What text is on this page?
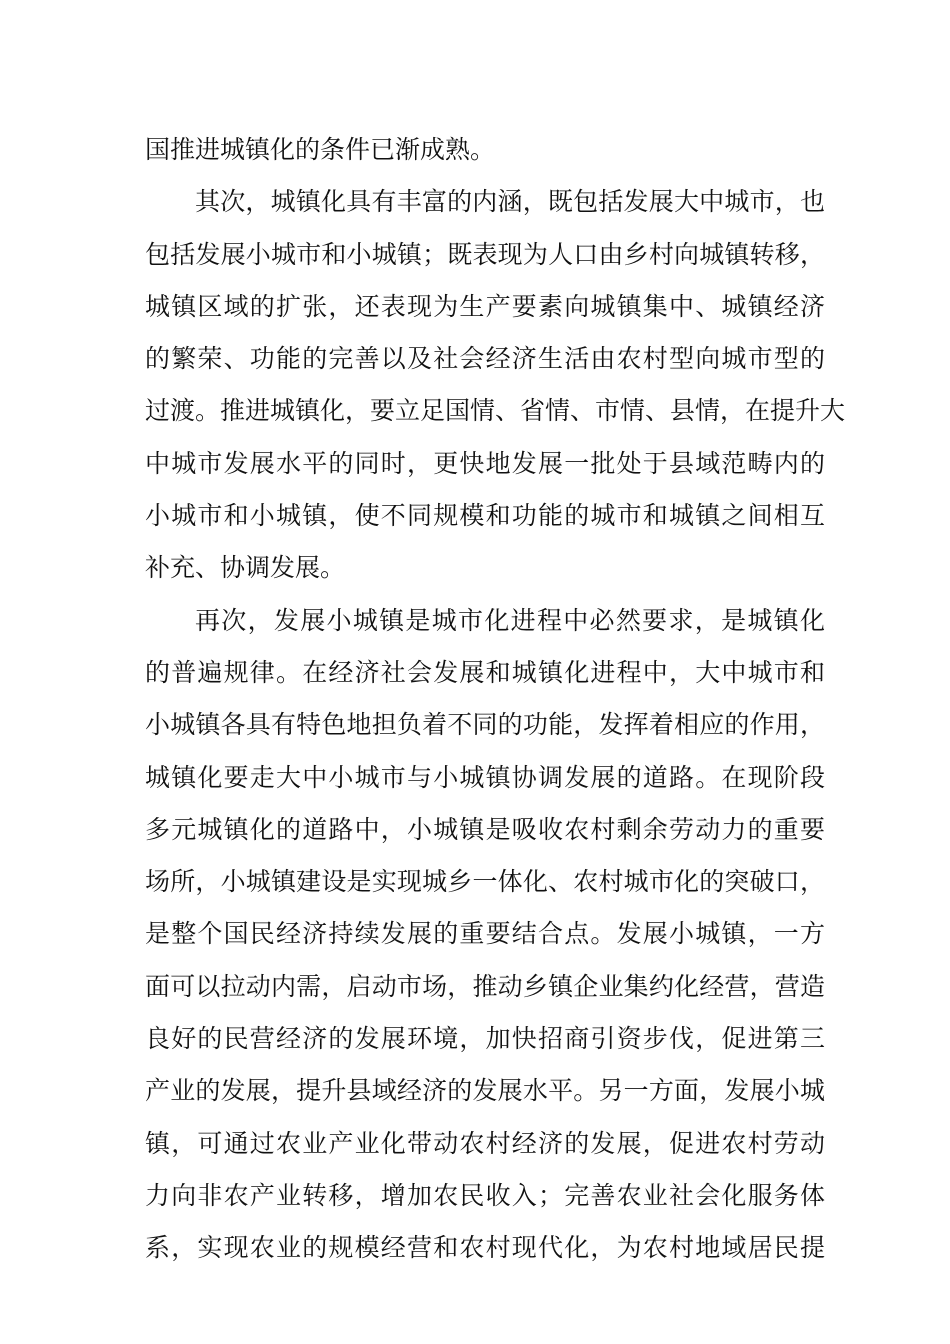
国推进城镇化的条件已渐成熟。
其次，城镇化具有丰富的内涵，既包括发展大中城市，也
包括发展小城市和小城镇；既表现为人口由乡村向城镇转移，
城镇区域的扩张，还表现为生产要素向城镇集中、城镇经济
的繁荣、功能的完善以及社会经济生活由农村型向城市型的
过渡。推进城镇化，要立足国情、省情、市情、县情，在提升大
中城市发展水平的同时，更快地发展一批处于县域范畴内的
小城市和小城镇，使不同规模和功能的城市和城镇之间相互
补充、协调发展。
再次，发展小城镇是城市化进程中必然要求，是城镇化
的普遍规律。在经济社会发展和城镇化进程中，大中城市和
小城镇各具有特色地担负着不同的功能，发挥着相应的作用，
城镇化要走大中小城市与小城镇协调发展的道路。在现阶段
多元城镇化的道路中，小城镇是吸收农村剩余劳动力的重要
场所，小城镇建设是实现城乡一体化、农村城市化的突破口，
是整个国民经济持续发展的重要结合点。发展小城镇，一方
面可以拉动内需，启动市场，推动乡镇企业集约化经营，营造
良好的民营经济的发展环境，加快招商引资步伐，促进第三
产业的发展，提升县域经济的发展水平。另一方面，发展小城
镇，可通过农业产业化带动农村经济的发展，促进农村劳动
力向非农产业转移，增加农民收入；完善农业社会化服务体
系，实现农业的规模经营和农村现代化，为农村地域居民提
